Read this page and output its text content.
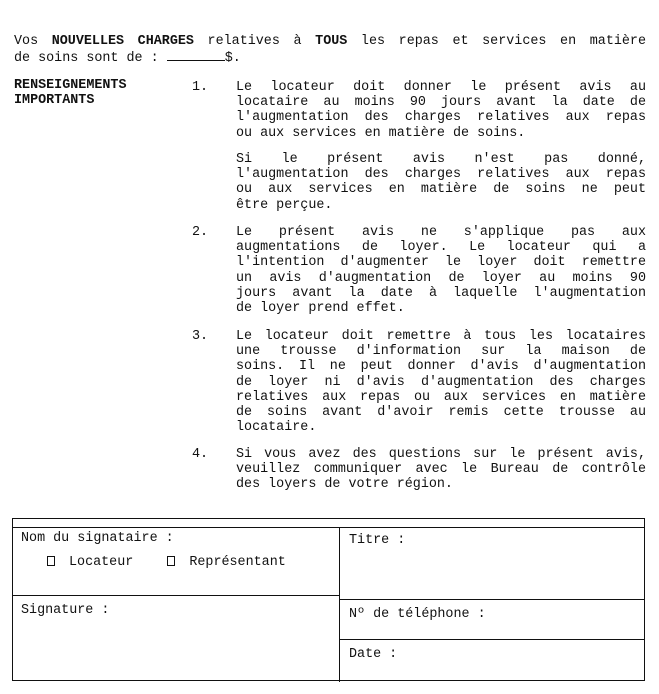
Vos NOUVELLES CHARGES relatives à TOUS les repas et services en matière
de soins sont de :	$.
RENSEIGNEMENTS
IMPORTANTS
1. Le locateur doit donner le présent avis au
locataire au moins 90 jours avant la date de
l'augmentation des charges relatives aux repas
ou aux services en matière de soins.
Si le présent avis n'est pas donné,
l'augmentation des charges relatives aux repas
ou aux services en matière de soins ne peut
être perçue.
2. Le présent avis ne s'applique pas aux
augmentations de loyer. Le locateur qui a
l'intention d'augmenter le loyer doit remettre
un avis d'augmentation de loyer au moins 90
jours avant la date à laquelle l'augmentation
de loyer prend effet.
3. Le locateur doit remettre à tous les locataires
une trousse d'information sur la maison de
soins. Il ne peut donner d'avis d'augmentation
de loyer ni d'avis d'augmentation des charges
relatives aux repas ou aux services en matière
de soins avant d'avoir remis cette trousse au
locataire.
4. Si vous avez des questions sur le présent avis,
veuillez communiquer avec le Bureau de contrôle
des loyers de votre région.
Nom du signataire :
Locateur	Représentant
Titre :
Signature :	Nº de téléphone :
Date :
